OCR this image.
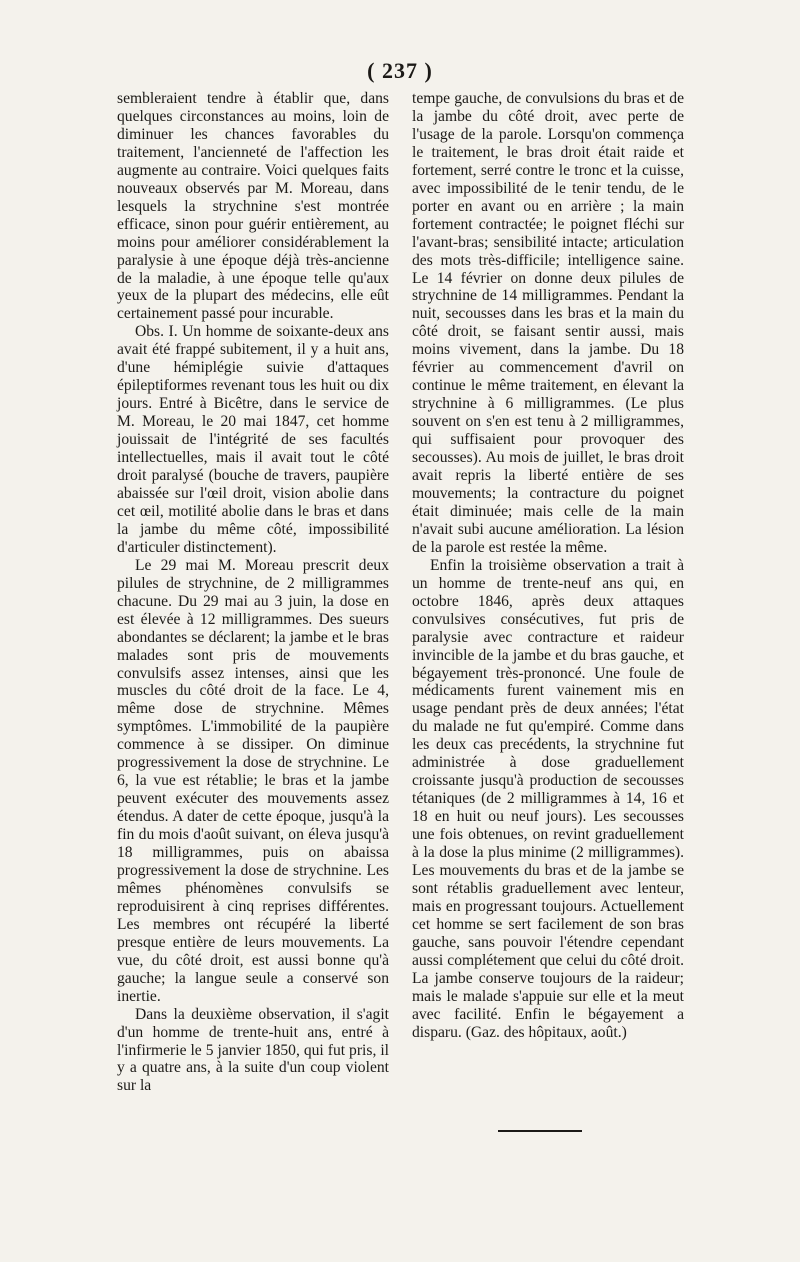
( 237 )

sembleraient tendre à établir que, dans quelques circonstances au moins, loin de diminuer les chances favorables du traitement, l'ancienneté de l'affection les augmente au contraire. Voici quelques faits nouveaux observés par M. Moreau, dans lesquels la strychnine s'est montrée efficace, sinon pour guérir entièrement, au moins pour améliorer considérablement la paralysie à une époque déjà très-ancienne de la maladie, à une époque telle qu'aux yeux de la plupart des médecins, elle eût certainement passé pour incurable.

Obs. I. Un homme de soixante-deux ans avait été frappé subitement, il y a huit ans, d'une hémiplégie suivie d'attaques épileptiformes revenant tous les huit ou dix jours. Entré à Bicêtre, dans le service de M. Moreau, le 20 mai 1847, cet homme jouissait de l'intégrité de ses facultés intellectuelles, mais il avait tout le côté droit paralysé (bouche de travers, paupière abaissée sur l'œil droit, vision abolie dans cet œil, motilité abolie dans le bras et dans la jambe du même côté, impossibilité d'articuler distinctement).

Le 29 mai M. Moreau prescrit deux pilules de strychnine, de 2 milligrammes chacune. Du 29 mai au 3 juin, la dose en est élevée à 12 milligrammes. Des sueurs abondantes se déclarent; la jambe et le bras malades sont pris de mouvements convulsifs assez intenses, ainsi que les muscles du côté droit de la face. Le 4, même dose de strychnine. Mêmes symptômes. L'immobilité de la paupière commence à se dissiper. On diminue progressivement la dose de strychnine. Le 6, la vue est rétablie; le bras et la jambe peuvent exécuter des mouvements assez étendus. A dater de cette époque, jusqu'à la fin du mois d'août suivant, on éleva jusqu'à 18 milligrammes, puis on abaissa progressivement la dose de strychnine. Les mêmes phénomènes convulsifs se reproduisirent à cinq reprises différentes. Les membres ont récupéré la liberté presque entière de leurs mouvements. La vue, du côté droit, est aussi bonne qu'à gauche; la langue seule a conservé son inertie.

Dans la deuxième observation, il s'agit d'un homme de trente-huit ans, entré à l'infirmerie le 5 janvier 1850, qui fut pris, il y a quatre ans, à la suite d'un coup violent sur la

tempe gauche, de convulsions du bras et de la jambe du côté droit, avec perte de l'usage de la parole. Lorsqu'on commença le traitement, le bras droit était raide et fortement, serré contre le tronc et la cuisse, avec impossibilité de le tenir tendu, de le porter en avant ou en arrière ; la main fortement contractée; le poignet fléchi sur l'avant-bras; sensibilité intacte; articulation des mots très-difficile; intelligence saine. Le 14 février on donne deux pilules de strychnine de 14 milligrammes. Pendant la nuit, secousses dans les bras et la main du côté droit, se faisant sentir aussi, mais moins vivement, dans la jambe. Du 18 février au commencement d'avril on continue le même traitement, en élevant la strychnine à 6 milligrammes. (Le plus souvent on s'en est tenu à 2 milligrammes, qui suffisaient pour provoquer des secousses). Au mois de juillet, le bras droit avait repris la liberté entière de ses mouvements; la contracture du poignet était diminuée; mais celle de la main n'avait subi aucune amélioration. La lésion de la parole est restée la même.

Enfin la troisième observation a trait à un homme de trente-neuf ans qui, en octobre 1846, après deux attaques convulsives consécutives, fut pris de paralysie avec contracture et raideur invincible de la jambe et du bras gauche, et bégayement très-prononcé. Une foule de médicaments furent vainement mis en usage pendant près de deux années; l'état du malade ne fut qu'empiré. Comme dans les deux cas precédents, la strychnine fut administrée à dose graduellement croissante jusqu'à production de secousses tétaniques (de 2 milligrammes à 14, 16 et 18 en huit ou neuf jours). Les secousses une fois obtenues, on revint graduellement à la dose la plus minime (2 milligrammes). Les mouvements du bras et de la jambe se sont rétablis graduellement avec lenteur, mais en progressant toujours. Actuellement cet homme se sert facilement de son bras gauche, sans pouvoir l'étendre cependant aussi complétement que celui du côté droit. La jambe conserve toujours de la raideur; mais le malade s'appuie sur elle et la meut avec facilité. Enfin le bégayement a disparu. (Gaz. des hôpitaux, août.)
